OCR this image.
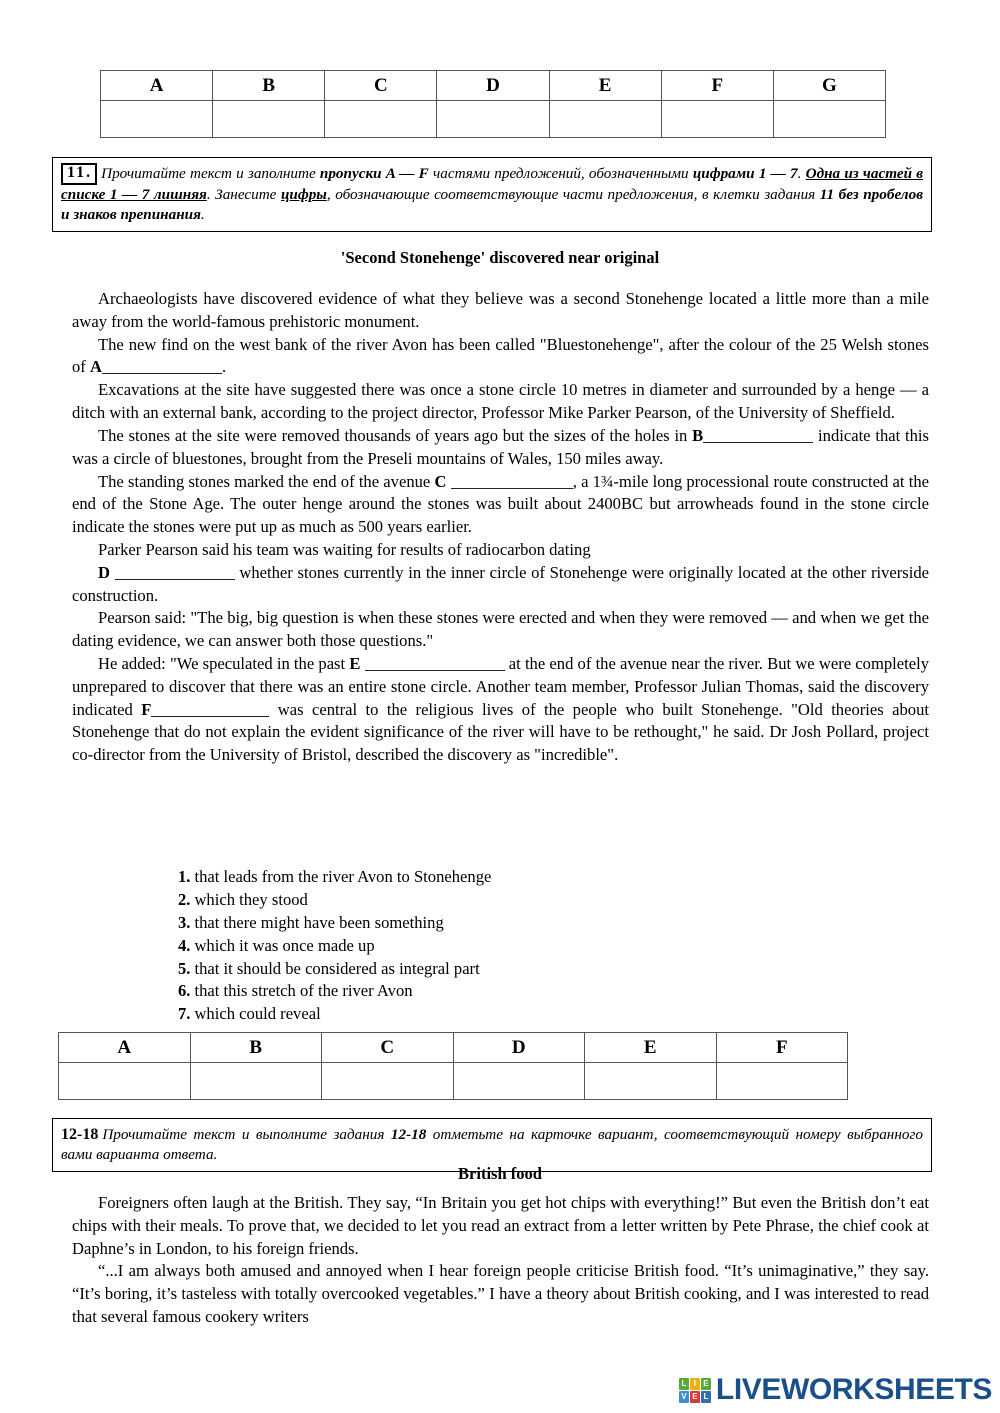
A	B	C	D	E	F	G

11. Прочитайте текст и заполните пропуски A — F частями предложений, обозначенными цифрами 1 — 7. Одна из частей в списке 1 — 7 лишняя. Занесите цифры, обозначающие соответствующие части предложения, в клетки задания 11 без пробелов и знаков препинания.
'Second Stonehenge' discovered near original

Archaeologists have discovered evidence of what they believe was a second Stonehenge located a little more than a mile away from the world-famous prehistoric monument.

The new find on the west bank of the river Avon has been called "Bluestonehenge", after the colour of the 25 Welsh stones of A	.

Excavations at the site have suggested there was once a stone circle 10 metres in diameter and surrounded by a henge — a ditch with an external bank, according to the project director, Professor Mike Parker Pearson, of the University of Sheffield.

The stones at the site were removed thousands of years ago but the sizes of the holes in B	indicate that this was a circle of bluestones, brought from the Preseli mountains of Wales, 150 miles away.

The standing stones marked the end of the avenue C	, a 1¾-mile long processional route constructed at the end of the Stone Age. The outer henge around the stones was built about 2400BC but arrowheads found in the stone circle indicate the stones were put up as much as 500 years earlier.

Parker Pearson said his team was waiting for results of radiocarbon dating

D	whether stones currently in the inner circle of Stonehenge were originally located at the other riverside construction.

Pearson said: "The big, big question is when these stones were erected and when they were removed — and when we get the dating evidence, we can answer both those questions."

He added: "We speculated in the past E	at the end of the avenue near the river. But we were completely unprepared to discover that there was an entire stone circle. Another team member, Professor Julian Thomas, said the discovery indicated F	was central to the religious lives of the people who built Stonehenge. "Old theories about Stonehenge that do not explain the evident significance of the river will have to be rethought," he said. Dr Josh Pollard, project co-director from the University of Bristol, described the discovery as "incredible".

1. that leads from the river Avon to Stonehenge
2. which they stood
3. that there might have been something
4. which it was once made up
5. that it should be considered as integral part
6. that this stretch of the river Avon
7. which could reveal
A	B	C	D	E	F

12-18 Прочитайте текст и выполните задания 12-18 отметьте на карточке вариант, соответствующий номеру выбранного вами варианта ответа.
British food

Foreigners often laugh at the British. They say, “In Britain you get hot chips with everything!” But even the British don’t eat chips with their meals. To prove that, we decided to let you read an extract from a letter written by Pete Phrase, the chief cook at Daphne’s in London, to his foreign friends.

“...I am always both amused and annoyed when I hear foreign people criticise British food. “It’s unimaginative,” they say. “It’s boring, it’s tasteless with totally overcooked vegetables.” I have a theory about British cooking, and I was interested to read that several famous cookery writers

L I E
V E L LIVEWORKSHEETS
